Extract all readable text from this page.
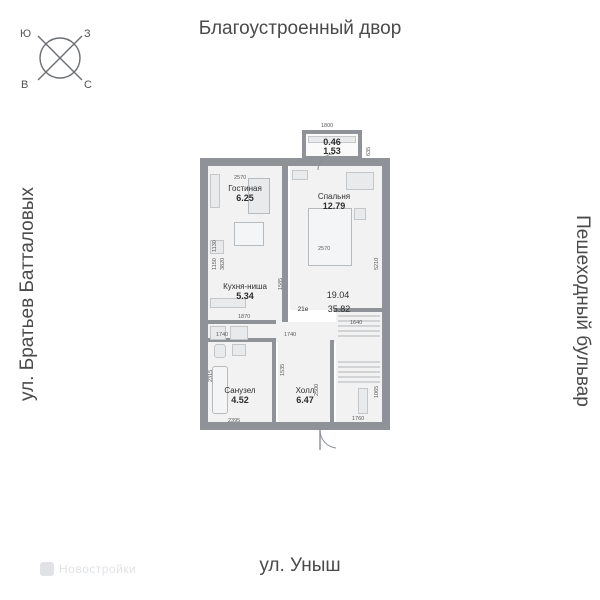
Благоустроенный двор
ул. Уныш
ул. Братьев Батталовых	Пешеходный бульвар
Ю	З
В	С
Новостройки
Гостиная
6.25	Спальня
12.79
Кухня-ниша
5.34
Санузел
4.52
Холл
6.47
0.46
1.53
19.04
21е	35.82
1800
635
2570
3820
1150
1130
1585
1870
2570
5210
1740	1740
1535
2315
2395
2500
1640
1760
1065
